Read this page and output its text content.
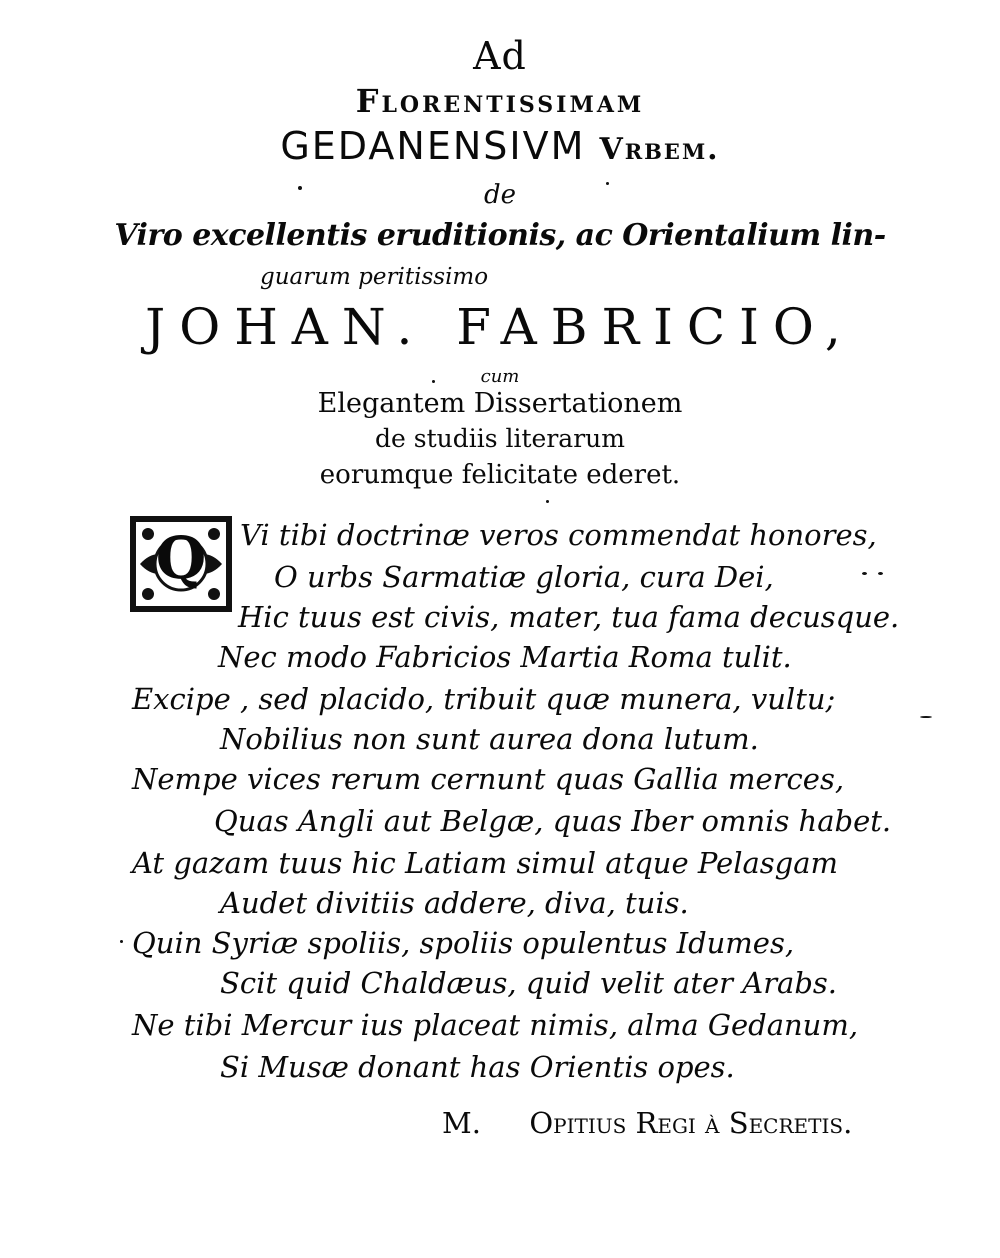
Ad
Florentissimam
GEDANENSIVM Vrbem.
de
Viro excellentis eruditionis, ac Orientalium lin-
guarum peritissimo
JOHAN. FABRICIO,
cum
Elegantem Dissertationem
de studiis literarum
eorumque felicitate ederet.
Q	Vi tibi doctrinæ veros commendat honores,
O urbs Sarmatiæ gloria, cura Dei,
Hic tuus est civis, mater, tua fama decusque.
Nec modo Fabricios Martia Roma tulit.
Excipe , sed placido, tribuit quæ munera, vultu;
Nobilius non sunt aurea dona lutum.
Nempe vices rerum cernunt quas Gallia merces,
Quas Angli aut Belgæ, quas Iber omnis habet.
At gazam tuus hic Latiam simul atque Pelasgam
Audet divitiis addere, diva, tuis.
Quin Syriæ spoliis, spoliis opulentus Idumes,
Scit quid Chaldæus, quid velit ater Arabs.
Ne tibi Mercur ius placeat nimis, alma Gedanum,
Si Musæ donant has Orientis opes.
M. Opitius Regi à Secretis.
